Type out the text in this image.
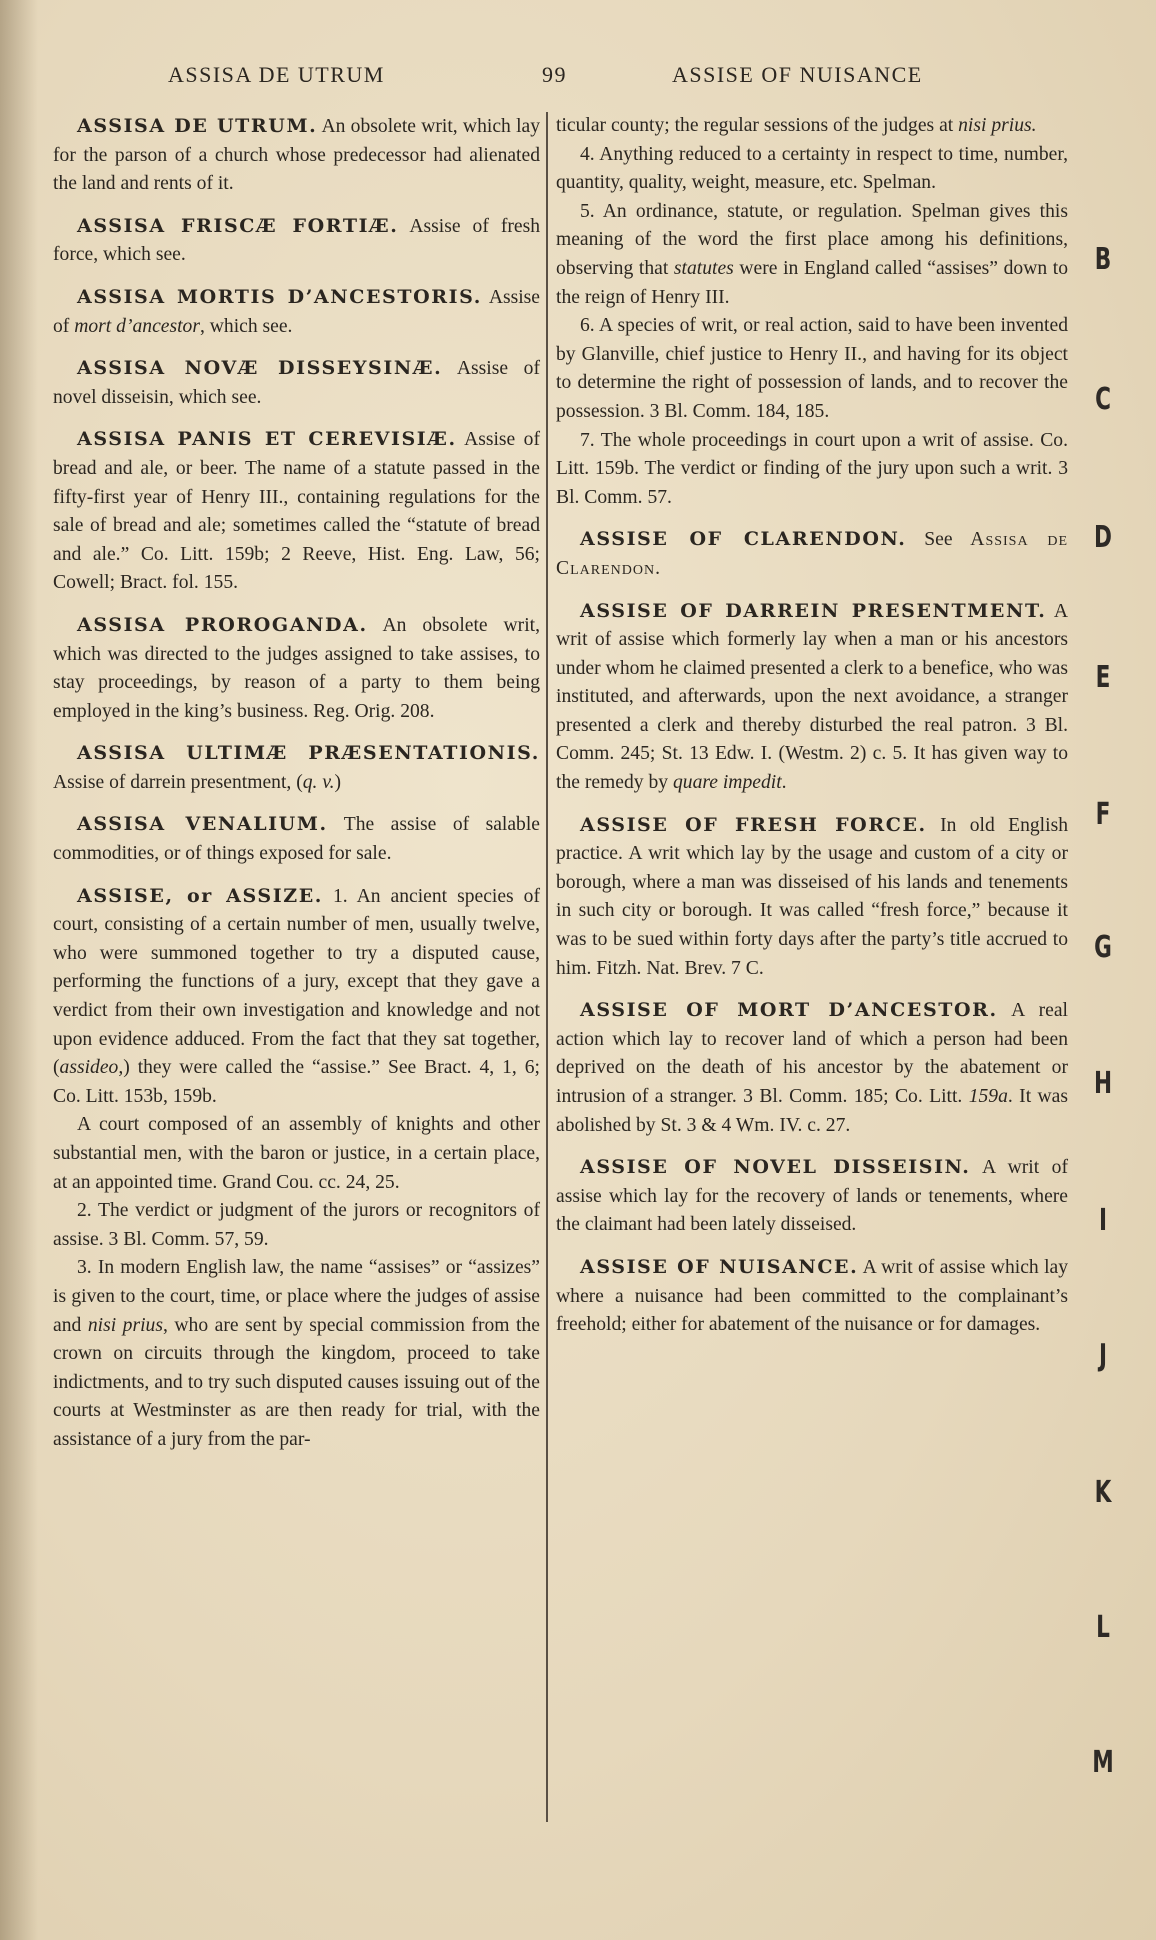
ASSISA DE UTRUM	99	ASSISE OF NUISANCE

ASSISA DE UTRUM. An obsolete writ, which lay for the parson of a church whose predecessor had alienated the land and rents of it.

ASSISA FRISCÆ FORTIÆ. Assise of fresh force, which see.

ASSISA MORTIS D’ANCESTORIS. Assise of mort d’ancestor, which see.

ASSISA NOVÆ DISSEYSINÆ. Assise of novel disseisin, which see.

ASSISA PANIS ET CEREVISIÆ. Assise of bread and ale, or beer. The name of a statute passed in the fifty-first year of Henry III., containing regulations for the sale of bread and ale; sometimes called the “statute of bread and ale.” Co. Litt. 159b; 2 Reeve, Hist. Eng. Law, 56; Cowell; Bract. fol. 155.

ASSISA PROROGANDA. An obsolete writ, which was directed to the judges assigned to take assises, to stay proceedings, by reason of a party to them being employed in the king’s business. Reg. Orig. 208.

ASSISA ULTIMÆ PRÆSENTATIONIS. Assise of darrein presentment, (q. v.)

ASSISA VENALIUM. The assise of salable commodities, or of things exposed for sale.

ASSISE, or ASSIZE. 1. An ancient species of court, consisting of a certain number of men, usually twelve, who were summoned together to try a disputed cause, performing the functions of a jury, except that they gave a verdict from their own investigation and knowledge and not upon evidence adduced. From the fact that they sat together, (assideo,) they were called the “assise.” See Bract. 4, 1, 6; Co. Litt. 153b, 159b.

A court composed of an assembly of knights and other substantial men, with the baron or justice, in a certain place, at an appointed time. Grand Cou. cc. 24, 25.

2. The verdict or judgment of the jurors or recognitors of assise. 3 Bl. Comm. 57, 59.

3. In modern English law, the name “assises” or “assizes” is given to the court, time, or place where the judges of assise and nisi prius, who are sent by special commission from the crown on circuits through the kingdom, proceed to take indictments, and to try such disputed causes issuing out of the courts at Westminster as are then ready for trial, with the assistance of a jury from the par-

ticular county; the regular sessions of the judges at nisi prius.

4. Anything reduced to a certainty in respect to time, number, quantity, quality, weight, measure, etc. Spelman.

5. An ordinance, statute, or regulation. Spelman gives this meaning of the word the first place among his definitions, observing that statutes were in England called “assises” down to the reign of Henry III.

6. A species of writ, or real action, said to have been invented by Glanville, chief justice to Henry II., and having for its object to determine the right of possession of lands, and to recover the possession. 3 Bl. Comm. 184, 185.

7. The whole proceedings in court upon a writ of assise. Co. Litt. 159b. The verdict or finding of the jury upon such a writ. 3 Bl. Comm. 57.

ASSISE OF CLARENDON. See Assisa de Clarendon.

ASSISE OF DARREIN PRESENTMENT. A writ of assise which formerly lay when a man or his ancestors under whom he claimed presented a clerk to a benefice, who was instituted, and afterwards, upon the next avoidance, a stranger presented a clerk and thereby disturbed the real patron. 3 Bl. Comm. 245; St. 13 Edw. I. (Westm. 2) c. 5. It has given way to the remedy by quare impedit.

ASSISE OF FRESH FORCE. In old English practice. A writ which lay by the usage and custom of a city or borough, where a man was disseised of his lands and tenements in such city or borough. It was called “fresh force,” because it was to be sued within forty days after the party’s title accrued to him. Fitzh. Nat. Brev. 7 C.

ASSISE OF MORT D’ANCESTOR. A real action which lay to recover land of which a person had been deprived on the death of his ancestor by the abatement or intrusion of a stranger. 3 Bl. Comm. 185; Co. Litt. 159a. It was abolished by St. 3 & 4 Wm. IV. c. 27.

ASSISE OF NOVEL DISSEISIN. A writ of assise which lay for the recovery of lands or tenements, where the claimant had been lately disseised.

ASSISE OF NUISANCE. A writ of assise which lay where a nuisance had been committed to the complainant’s freehold; either for abatement of the nuisance or for damages.

B
C
D
E
F
G
H
I
J
K
L
M
